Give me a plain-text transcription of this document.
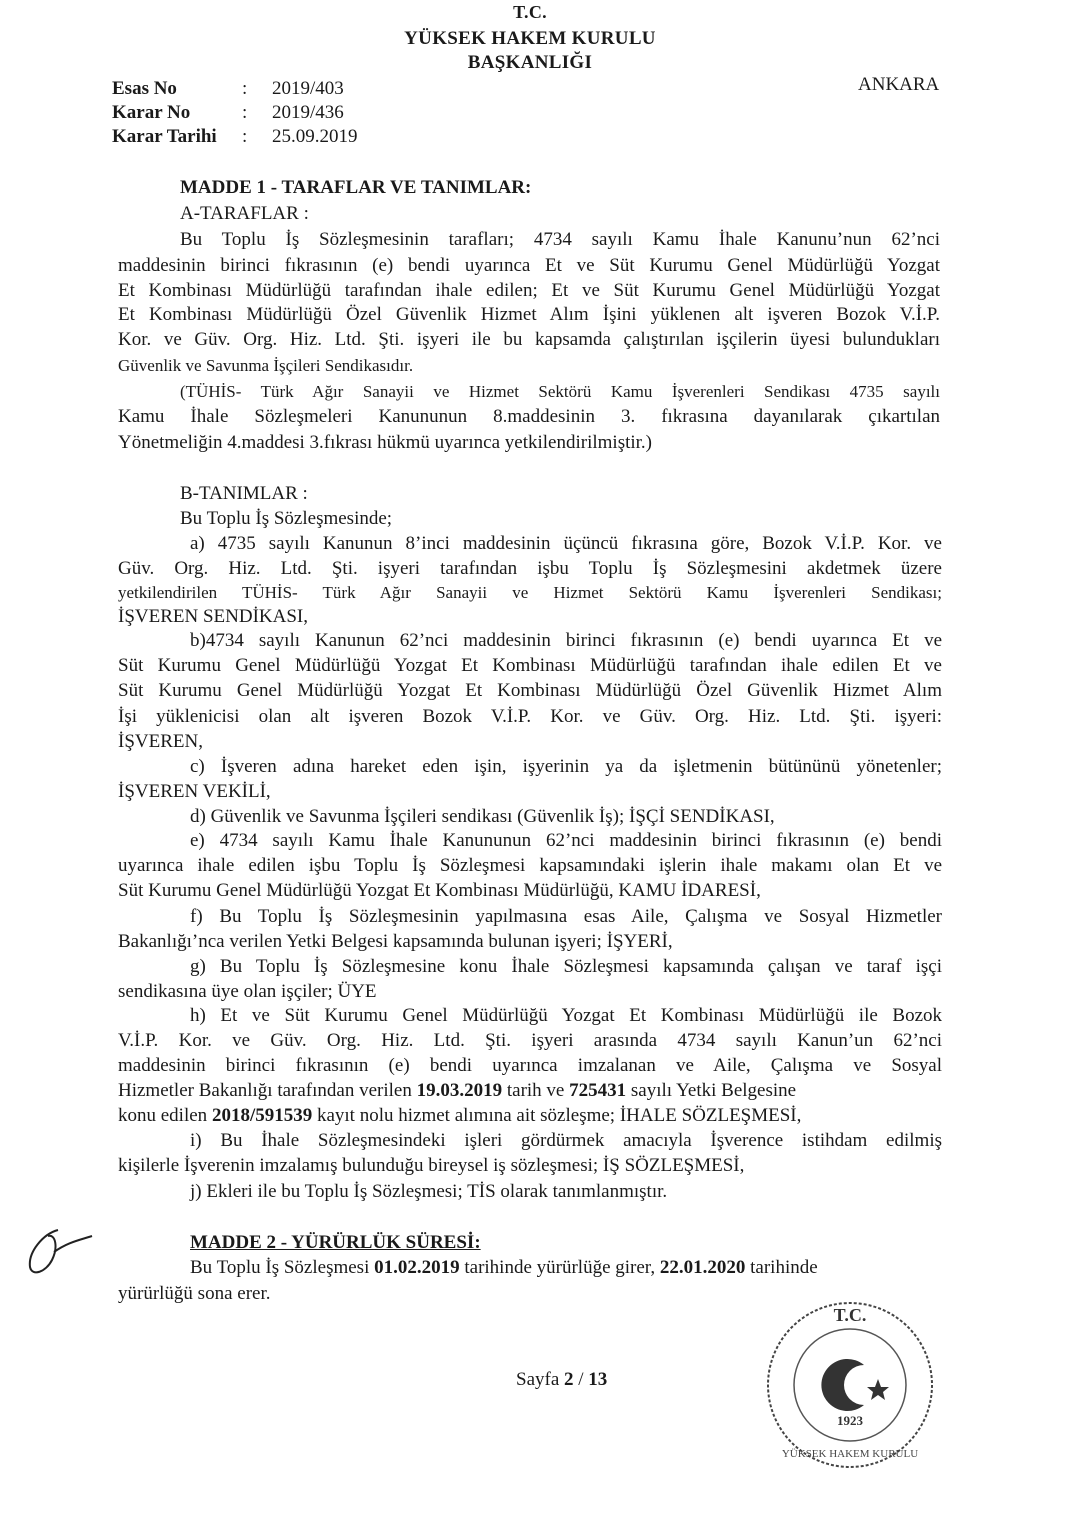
T.C.
YÜKSEK HAKEM KURULU
BAŞKANLIĞI
ANKARA
Esas No	: 2019/403
Karar No	: 2019/436
Karar Tarihi : 25.09.2019
MADDE 1 - TARAFLAR VE TANIMLAR:
A-TARAFLAR :
Bu Toplu İş Sözleşmesinin tarafları; 4734 sayılı Kamu İhale Kanunu’nun 62’nci
maddesinin birinci fıkrasının (e) bendi uyarınca Et ve Süt Kurumu Genel Müdürlüğü Yozgat
Et Kombinası Müdürlüğü tarafından ihale edilen; Et ve Süt Kurumu Genel Müdürlüğü Yozgat
Et Kombinası Müdürlüğü Özel Güvenlik Hizmet Alım İşini yüklenen alt işveren Bozok V.İ.P.
Kor. ve Güv. Org. Hiz. Ltd. Şti. işyeri ile bu kapsamda çalıştırılan işçilerin üyesi bulundukları
Güvenlik ve Savunma İşçileri Sendikasıdır.
(TÜHİS- Türk Ağır Sanayii ve Hizmet Sektörü Kamu İşverenleri Sendikası 4735 sayılı
Kamu İhale Sözleşmeleri Kanununun 8.maddesinin 3. fıkrasına dayanılarak çıkartılan
Yönetmeliğin 4.maddesi 3.fıkrası hükmü uyarınca yetkilendirilmiştir.)
B-TANIMLAR :
Bu Toplu İş Sözleşmesinde;
a) 4735 sayılı Kanunun 8’inci maddesinin üçüncü fıkrasına göre, Bozok V.İ.P. Kor. ve
Güv. Org. Hiz. Ltd. Şti. işyeri tarafından işbu Toplu İş Sözleşmesini akdetmek üzere
yetkilendirilen TÜHİS- Türk Ağır Sanayii ve Hizmet Sektörü Kamu İşverenleri Sendikası;
İŞVEREN SENDİKASI,
b)4734 sayılı Kanunun 62’nci maddesinin birinci fıkrasının (e) bendi uyarınca Et ve
Süt Kurumu Genel Müdürlüğü Yozgat Et Kombinası Müdürlüğü tarafından ihale edilen Et ve
Süt Kurumu Genel Müdürlüğü Yozgat Et Kombinası Müdürlüğü Özel Güvenlik Hizmet Alım
İşi yüklenicisi olan alt işveren Bozok V.İ.P. Kor. ve Güv. Org. Hiz. Ltd. Şti. işyeri:
İŞVEREN,
c) İşveren adına hareket eden işin, işyerinin ya da işletmenin bütününü yönetenler;
İŞVEREN VEKİLİ,
d) Güvenlik ve Savunma İşçileri sendikası (Güvenlik İş); İŞÇİ SENDİKASI,
e) 4734 sayılı Kamu İhale Kanununun 62’nci maddesinin birinci fıkrasının (e) bendi
uyarınca ihale edilen işbu Toplu İş Sözleşmesi kapsamındaki işlerin ihale makamı olan Et ve
Süt Kurumu Genel Müdürlüğü Yozgat Et Kombinası Müdürlüğü, KAMU İDARESİ,
f) Bu Toplu İş Sözleşmesinin yapılmasına esas Aile, Çalışma ve Sosyal Hizmetler
Bakanlığı’nca verilen Yetki Belgesi kapsamında bulunan işyeri; İŞYERİ,
g) Bu Toplu İş Sözleşmesine konu İhale Sözleşmesi kapsamında çalışan ve taraf işçi
sendikasına üye olan işçiler; ÜYE
h) Et ve Süt Kurumu Genel Müdürlüğü Yozgat Et Kombinası Müdürlüğü ile Bozok
V.İ.P. Kor. ve Güv. Org. Hiz. Ltd. Şti. işyeri arasında 4734 sayılı Kanun’un 62’nci
maddesinin birinci fıkrasının (e) bendi uyarınca imzalanan ve Aile, Çalışma ve Sosyal
Hizmetler Bakanlığı tarafından verilen 19.03.2019 tarih ve 725431 sayılı Yetki Belgesine
konu edilen 2018/591539 kayıt nolu hizmet alımına ait sözleşme; İHALE SÖZLEŞMESİ,
i) Bu İhale Sözleşmesindeki işleri gördürmek amacıyla İşverence istihdam edilmiş
kişilerle İşverenin imzalamış bulunduğu bireysel iş sözleşmesi; İŞ SÖZLEŞMESİ,
j) Ekleri ile bu Toplu İş Sözleşmesi; TİS olarak tanımlanmıştır.
MADDE 2 - YÜRÜRLÜK SÜRESİ:
Bu Toplu İş Sözleşmesi 01.02.2019 tarihinde yürürlüğe girer, 22.01.2020 tarihinde
yürürlüğü sona erer.
Sayfa 2 / 13
T.C.
1923
YÜKSEK HAKEM KURULU
